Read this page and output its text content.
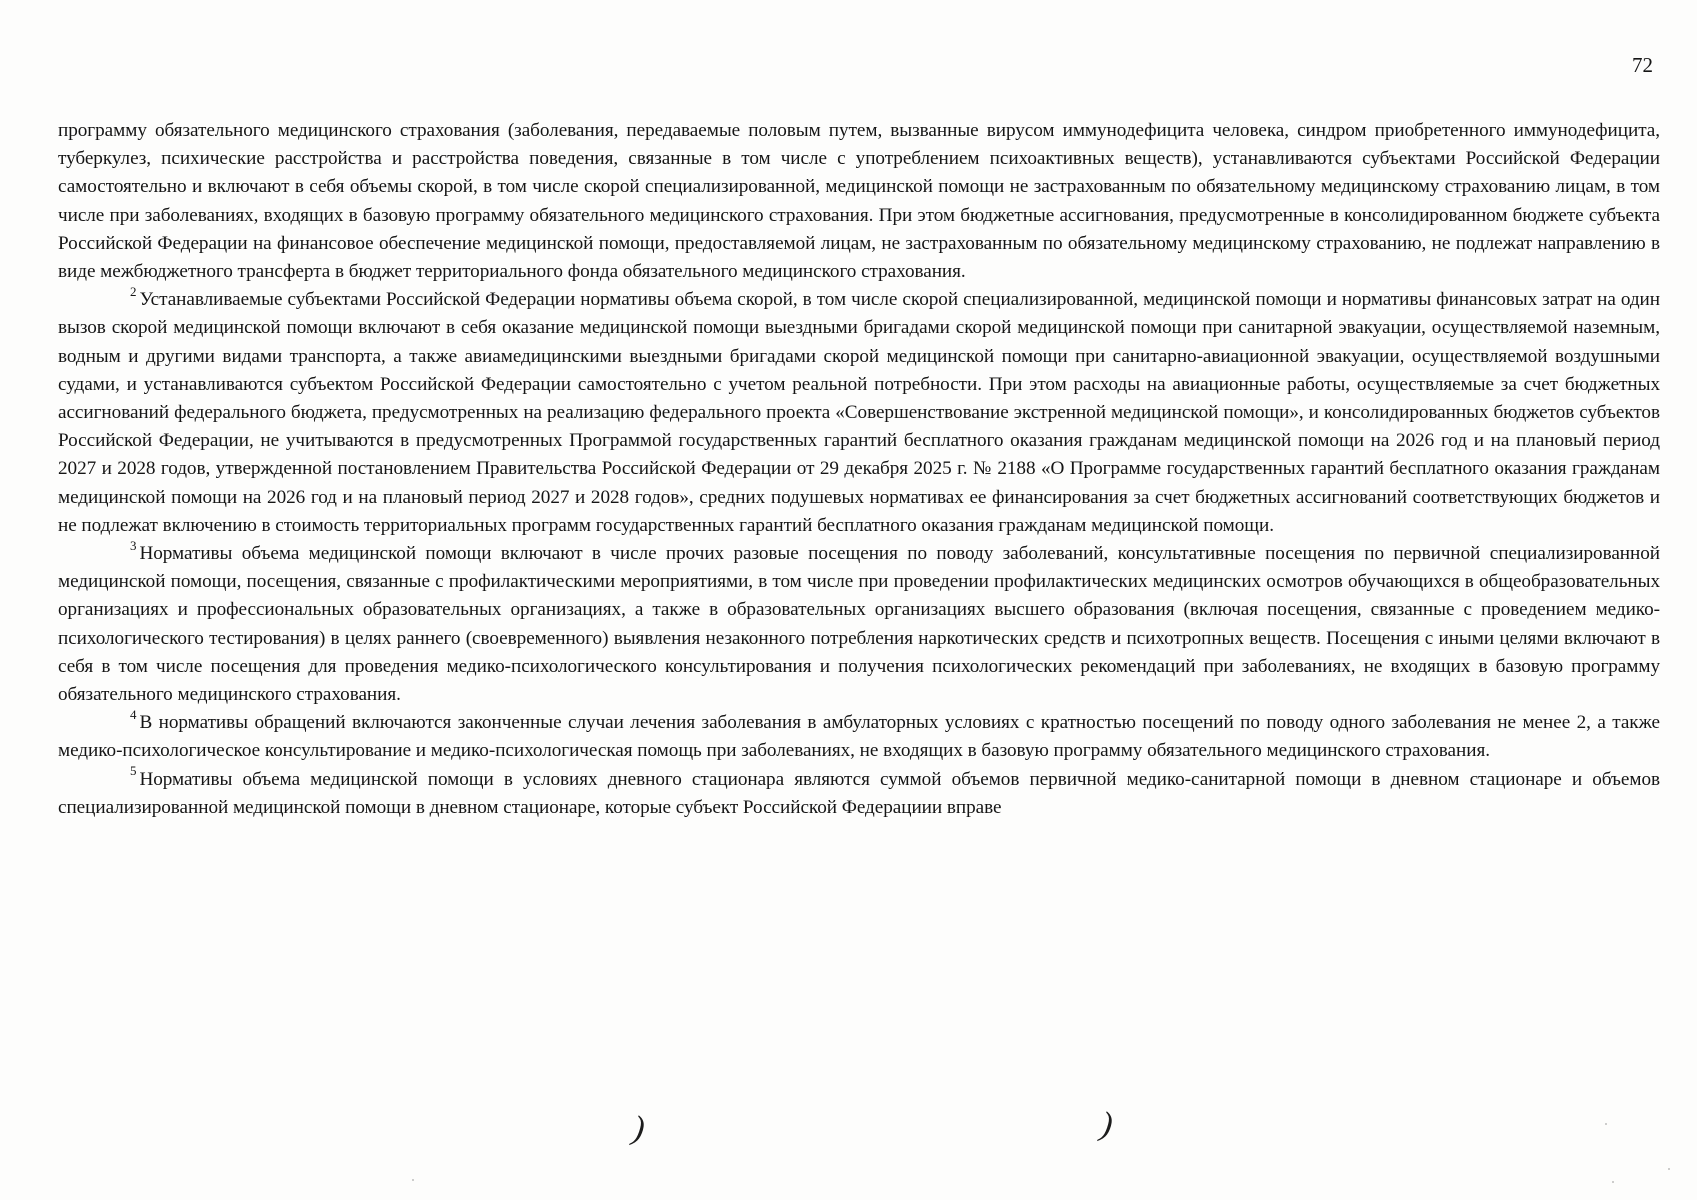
72

программу обязательного медицинского страхования (заболевания, передаваемые половым путем, вызванные вирусом иммунодефицита человека, синдром приобретенного иммунодефицита, туберкулез, психические расстройства и расстройства поведения, связанные в том числе с употреблением психоактивных веществ), устанавливаются субъектами Российской Федерации самостоятельно и включают в себя объемы скорой, в том числе скорой специализированной, медицинской помощи не застрахованным по обязательному медицинскому страхованию лицам, в том числе при заболеваниях, входящих в базовую программу обязательного медицинского страхования. При этом бюджетные ассигнования, предусмотренные в консолидированном бюджете субъекта Российской Федерации на финансовое обеспечение медицинской помощи, предоставляемой лицам, не застрахованным по обязательному медицинскому страхованию, не подлежат направлению в виде межбюджетного трансферта в бюджет территориального фонда обязательного медицинского страхования.

$^2$ Устанавливаемые субъектами Российской Федерации нормативы объема скорой, в том числе скорой специализированной, медицинской помощи и нормативы финансовых затрат на один вызов скорой медицинской помощи включают в себя оказание медицинской помощи выездными бригадами скорой медицинской помощи при санитарной эвакуации, осуществляемой наземным, водным и другими видами транспорта, а также авиамедицинскими выездными бригадами скорой медицинской помощи при санитарно-авиационной эвакуации, осуществляемой воздушными судами, и устанавливаются субъектом Российской Федерации самостоятельно с учетом реальной потребности. При этом расходы на авиационные работы, осуществляемые за счет бюджетных ассигнований федерального бюджета, предусмотренных на реализацию федерального проекта «Совершенствование экстренной медицинской помощи», и консолидированных бюджетов субъектов Российской Федерации, не учитываются в предусмотренных Программой государственных гарантий бесплатного оказания гражданам медицинской помощи на 2026 год и на плановый период 2027 и 2028 годов, утвержденной постановлением Правительства Российской Федерации от 29 декабря 2025 г. № 2188 «О Программе государственных гарантий бесплатного оказания гражданам медицинской помощи на 2026 год и на плановый период 2027 и 2028 годов», средних подушевых нормативах ее финансирования за счет бюджетных ассигнований соответствующих бюджетов и не подлежат включению в стоимость территориальных программ государственных гарантий бесплатного оказания гражданам медицинской помощи.

$^3$ Нормативы объема медицинской помощи включают в числе прочих разовые посещения по поводу заболеваний, консультативные посещения по первичной специализированной медицинской помощи, посещения, связанные с профилактическими мероприятиями, в том числе при проведении профилактических медицинских осмотров обучающихся в общеобразовательных организациях и профессиональных образовательных организациях, а также в образовательных организациях высшего образования (включая посещения, связанные с проведением медико-психологического тестирования) в целях раннего (своевременного) выявления незаконного потребления наркотических средств и психотропных веществ. Посещения с иными целями включают в себя в том числе посещения для проведения медико-психологического консультирования и получения психологических рекомендаций при заболеваниях, не входящих в базовую программу обязательного медицинского страхования.

$^4$ В нормативы обращений включаются законченные случаи лечения заболевания в амбулаторных условиях с кратностью посещений по поводу одного заболевания не менее 2, а также медико-психологическое консультирование и медико-психологическая помощь при заболеваниях, не входящих в базовую программу обязательного медицинского страхования.

$^5$ Нормативы объема медицинской помощи в условиях дневного стационара являются суммой объемов первичной медико-санитарной помощи в дневном стационаре и объемов специализированной медицинской помощи в дневном стационаре, которые субъект Российской Федерациии вправе

)	)
